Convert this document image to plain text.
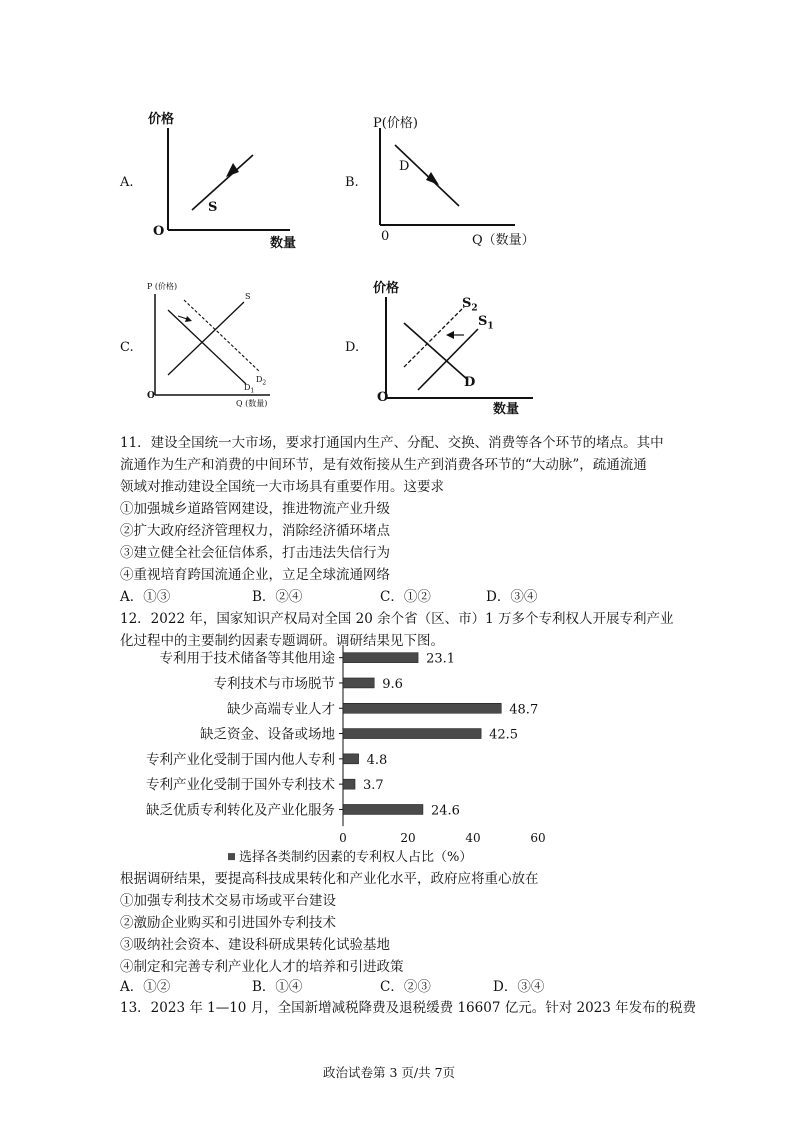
A.
价格
O
数量
S
B.
P(价格)
0	Q（数量）
D
C.
P (价格)
O
Q (数量)
S
$D_2$
$D_1$
D.
价格
O
数量
$S_2$
$S_1$
D
11．建设全国统一大市场，要求打通国内生产、分配、交换、消费等各个环节的堵点。其中
流通作为生产和消费的中间环节，是有效衔接从生产到消费各环节的“大动脉”，疏通流通
领域对推动建设全国统一大市场具有重要作用。这要求
①加强城乡道路管网建设，推进物流产业升级
②扩大政府经济管理权力，消除经济循环堵点
③建立健全社会征信体系，打击违法失信行为
④重视培育跨国流通企业，立足全球流通网络
A．①③	B．②④	C．①②	D．③④
12．2022 年，国家知识产权局对全国 20 余个省（区、市）1 万多个专利权人开展专利产业
化过程中的主要制约因素专题调研。调研结果见下图。
专利用于技术储备等其他用途	23.1
专利技术与市场脱节	9.6
缺少高端专业人才	48.7
缺乏资金、设备或场地	42.5
专利产业化受制于国内他人专利 4.8
专利产业化受制于国外专利技术 3.7
缺乏优质专利转化及产业化服务	24.6
0	20	40	60
选择各类制约因素的专利权人占比（%）
根据调研结果，要提高科技成果转化和产业化水平，政府应将重心放在
①加强专利技术交易市场或平台建设
②激励企业购买和引进国外专利技术
③吸纳社会资本、建设科研成果转化试验基地
④制定和完善专利产业化人才的培养和引进政策
A．①②	B．①④	C．②③	D．③④
13．2023 年 1—10 月，全国新增减税降费及退税缓费 16607 亿元。针对 2023 年发布的税费
政治试卷第 3 页/共 7页
